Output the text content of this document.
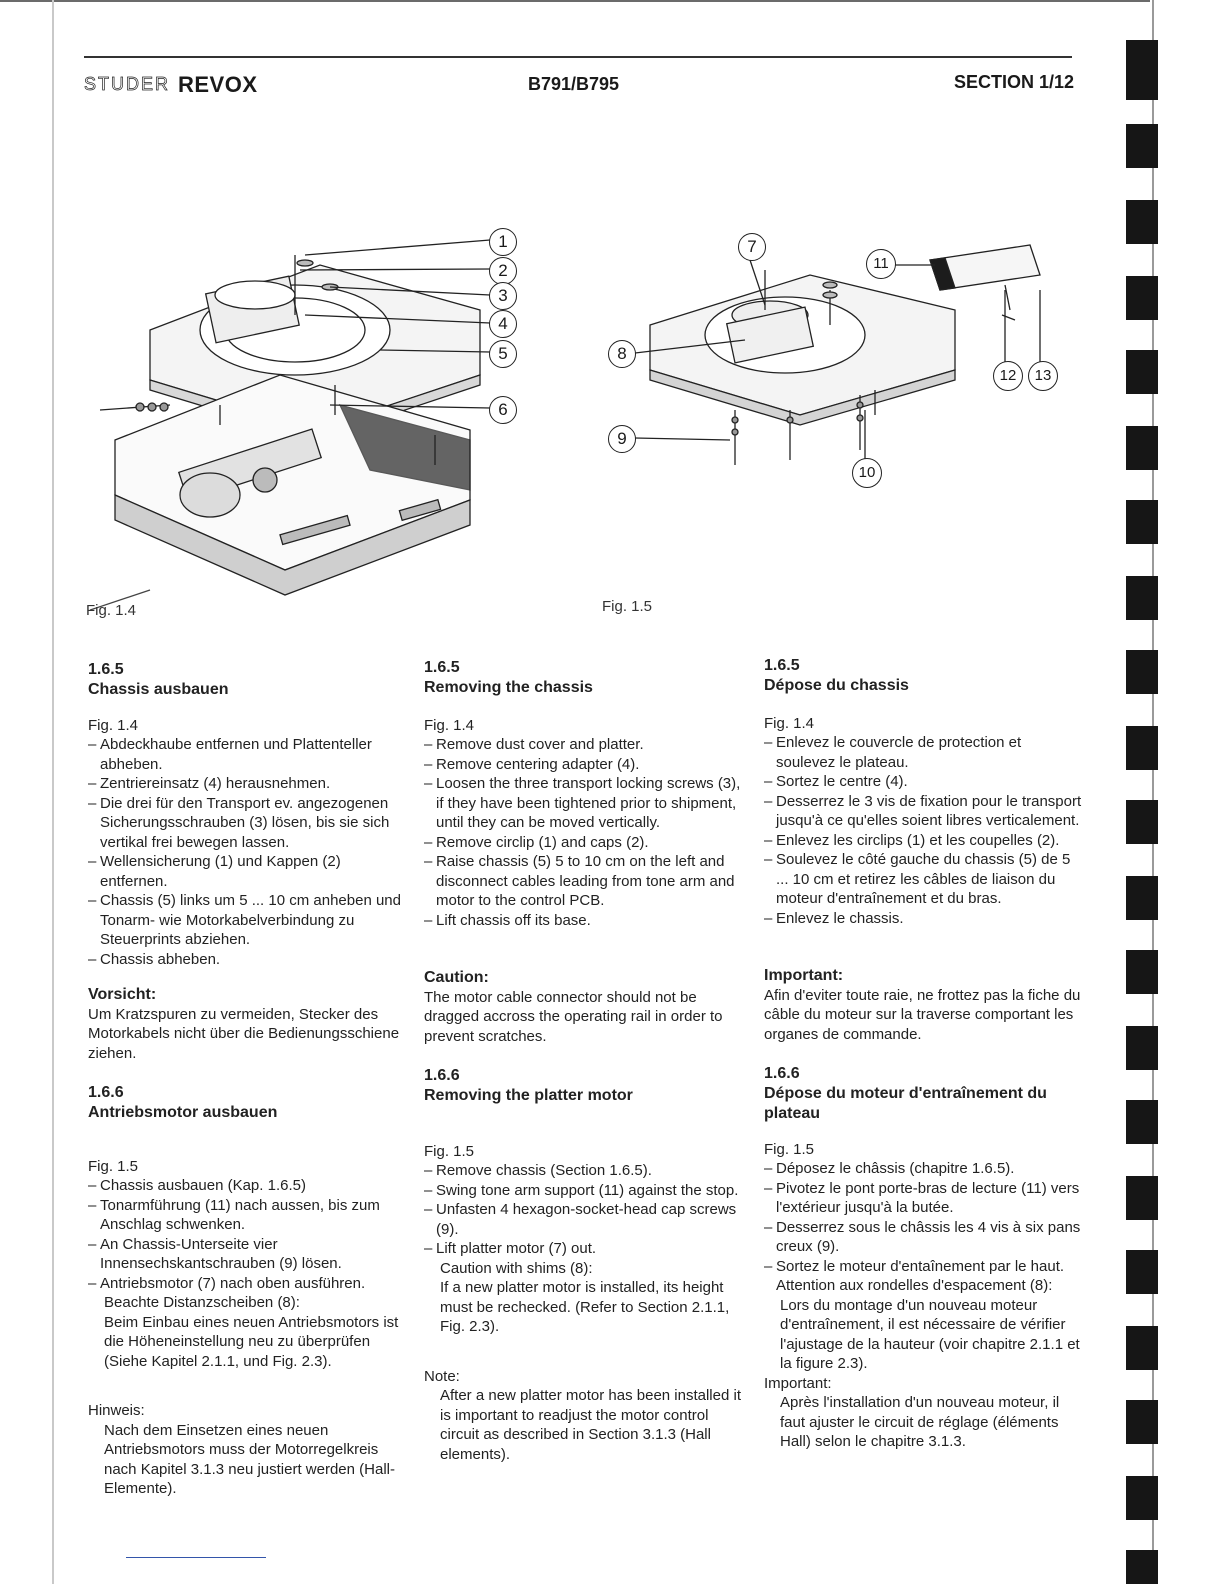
STUDER REVOX	B791/B795	SECTION 1/12
1
2
3
4
5
6
Fig. 1.4
7
8
9
10
11
12	13
Fig. 1.5
1.6.5
Chassis ausbauen
Fig. 1.4
– Abdeckhaube entfernen und Plattenteller abheben.
– Zentriereinsatz (4) herausnehmen.
– Die drei für den Transport ev. angezogenen Sicherungsschrauben (3) lösen, bis sie sich vertikal frei bewegen lassen.
– Wellensicherung (1) und Kappen (2) entfernen.
– Chassis (5) links um 5 ... 10 cm anheben und Tonarm- wie Motorkabelverbindung zu Steuerprints abziehen.
– Chassis abheben.
Vorsicht:
Um Kratzspuren zu vermeiden, Stecker des Motorkabels nicht über die Bedienungsschiene ziehen.
1.6.6
Antriebsmotor ausbauen
Fig. 1.5
– Chassis ausbauen (Kap. 1.6.5)
– Tonarmführung (11) nach aussen, bis zum Anschlag schwenken.
– An Chassis-Unterseite vier Innensechskantschrauben (9) lösen.
– Antriebsmotor (7) nach oben ausführen.
Beachte Distanzscheiben (8):
Beim Einbau eines neuen Antriebsmotors ist die Höheneinstellung neu zu überprüfen (Siehe Kapitel 2.1.1, und Fig. 2.3).
Hinweis:
Nach dem Einsetzen eines neuen Antriebsmotors muss der Motorregelkreis nach Kapitel 3.1.3 neu justiert werden (Hall-Elemente).
1.6.5
Removing the chassis
Fig. 1.4
– Remove dust cover and platter.
– Remove centering adapter (4).
– Loosen the three transport locking screws (3), if they have been tightened prior to shipment, until they can be moved vertically.
– Remove circlip (1) and caps (2).
– Raise chassis (5) 5 to 10 cm on the left and disconnect cables leading from tone arm and motor to the control PCB.
– Lift chassis off its base.
Caution:
The motor cable connector should not be dragged accross the operating rail in order to prevent scratches.
1.6.6
Removing the platter motor
Fig. 1.5
– Remove chassis (Section 1.6.5).
– Swing tone arm support (11) against the stop.
– Unfasten 4 hexagon-socket-head cap screws (9).
– Lift platter motor (7) out.
Caution with shims (8):
If a new platter motor is installed, its height must be rechecked. (Refer to Section 2.1.1, Fig. 2.3).
Note:
After a new platter motor has been installed it is important to readjust the motor control circuit as described in Section 3.1.3 (Hall elements).
1.6.5
Dépose du chassis
Fig. 1.4
– Enlevez le couvercle de protection et soulevez le plateau.
– Sortez le centre (4).
– Desserrez le 3 vis de fixation pour le transport jusqu'à ce qu'elles soient libres verticalement.
– Enlevez les circlips (1) et les coupelles (2).
– Soulevez le côté gauche du chassis (5) de 5 ... 10 cm et retirez les câbles de liaison du moteur d'entraînement et du bras.
– Enlevez le chassis.
Important:
Afin d'eviter toute raie, ne frottez pas la fiche du câble du moteur sur la traverse comportant les organes de commande.
1.6.6
Dépose du moteur d'entraînement du plateau
Fig. 1.5
– Déposez le châssis (chapitre 1.6.5).
– Pivotez le pont porte-bras de lecture (11) vers l'extérieur jusqu'à la butée.
– Desserrez sous le châssis les 4 vis à six pans creux (9).
– Sortez le moteur d'entaînement par le haut. Attention aux rondelles d'espacement (8):
Lors du montage d'un nouveau moteur d'entraînement, il est nécessaire de vérifier l'ajustage de la hauteur (voir chapitre 2.1.1 et la figure 2.3).
Important:
Après l'installation d'un nouveau moteur, il faut ajuster le circuit de réglage (éléments Hall) selon le chapitre 3.1.3.
